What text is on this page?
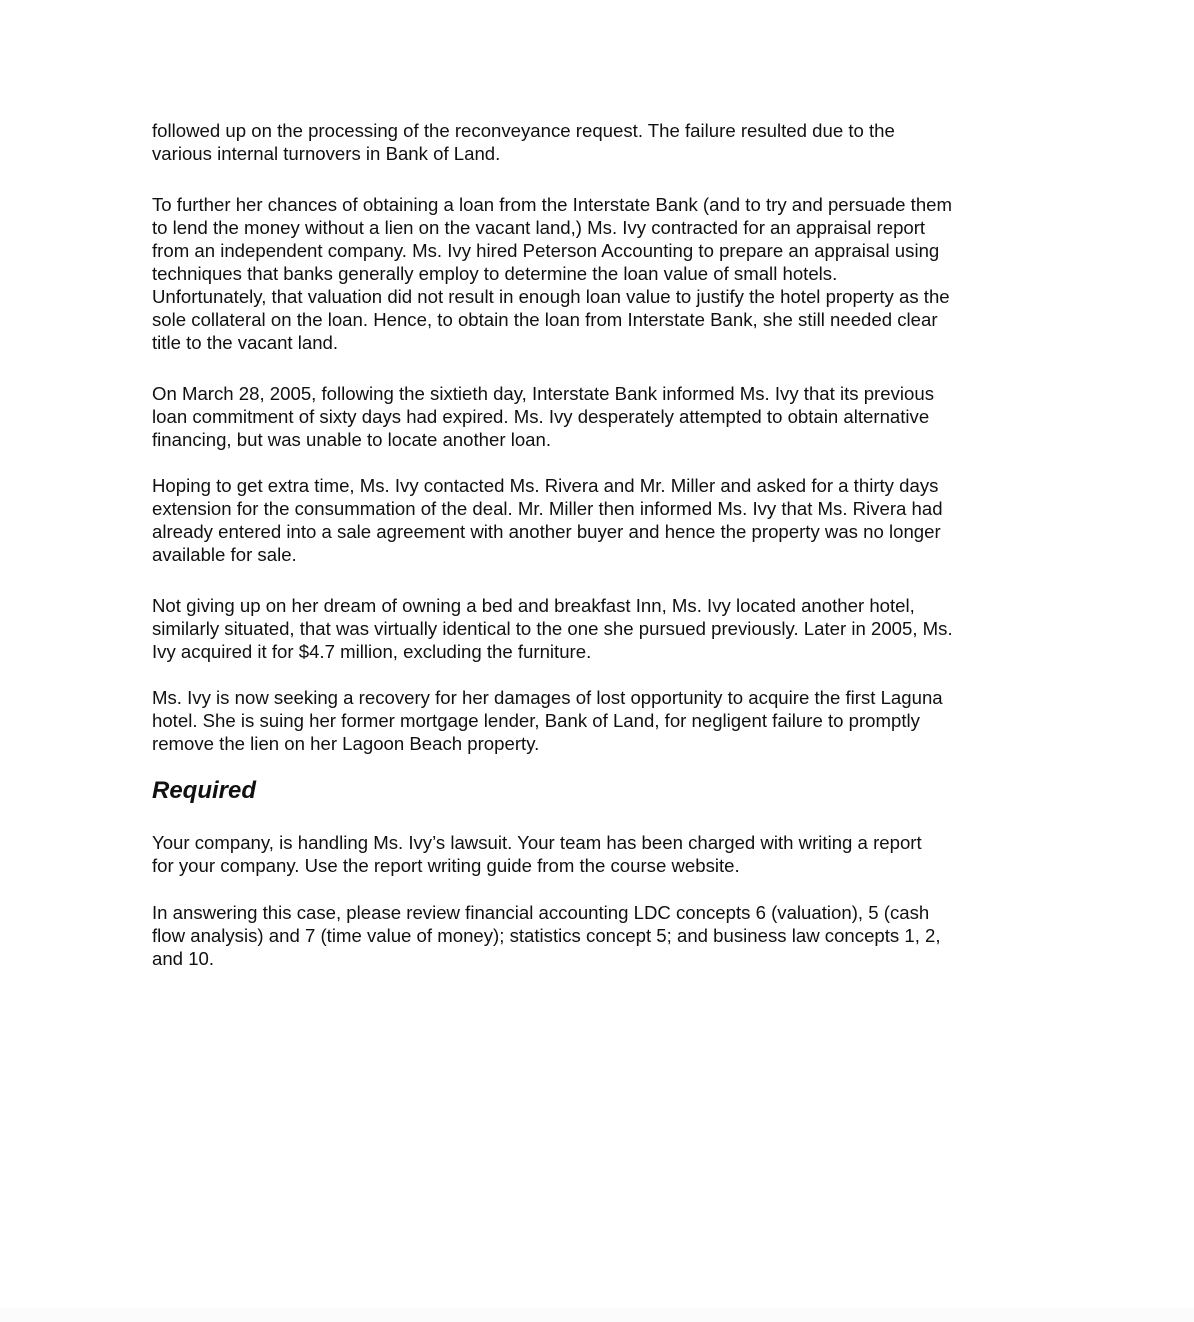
followed up on the processing of the reconveyance request. The failure resulted due to the
various internal turnovers in Bank of Land.

To further her chances of obtaining a loan from the Interstate Bank (and to try and persuade them
to lend the money without a lien on the vacant land,) Ms. Ivy contracted for an appraisal report
from an independent company. Ms. Ivy hired Peterson Accounting to prepare an appraisal using
techniques that banks generally employ to determine the loan value of small hotels.
Unfortunately, that valuation did not result in enough loan value to justify the hotel property as the
sole collateral on the loan. Hence, to obtain the loan from Interstate Bank, she still needed clear
title to the vacant land.

On March 28, 2005, following the sixtieth day, Interstate Bank informed Ms. Ivy that its previous
loan commitment of sixty days had expired. Ms. Ivy desperately attempted to obtain alternative
financing, but was unable to locate another loan.

Hoping to get extra time, Ms. Ivy contacted Ms. Rivera and Mr. Miller and asked for a thirty days
extension for the consummation of the deal. Mr. Miller then informed Ms. Ivy that Ms. Rivera had
already entered into a sale agreement with another buyer and hence the property was no longer
available for sale.

Not giving up on her dream of owning a bed and breakfast Inn, Ms. Ivy located another hotel,
similarly situated, that was virtually identical to the one she pursued previously. Later in 2005, Ms.
Ivy acquired it for $4.7 million, excluding the furniture.

Ms. Ivy is now seeking a recovery for her damages of lost opportunity to acquire the first Laguna
hotel. She is suing her former mortgage lender, Bank of Land, for negligent failure to promptly
remove the lien on her Lagoon Beach property.

Required

Your company, is handling Ms. Ivy’s lawsuit. Your team has been charged with writing a report
for your company. Use the report writing guide from the course website.

In answering this case, please review financial accounting LDC concepts 6 (valuation), 5 (cash
flow analysis) and 7 (time value of money); statistics concept 5; and business law concepts 1, 2,
and 10.
